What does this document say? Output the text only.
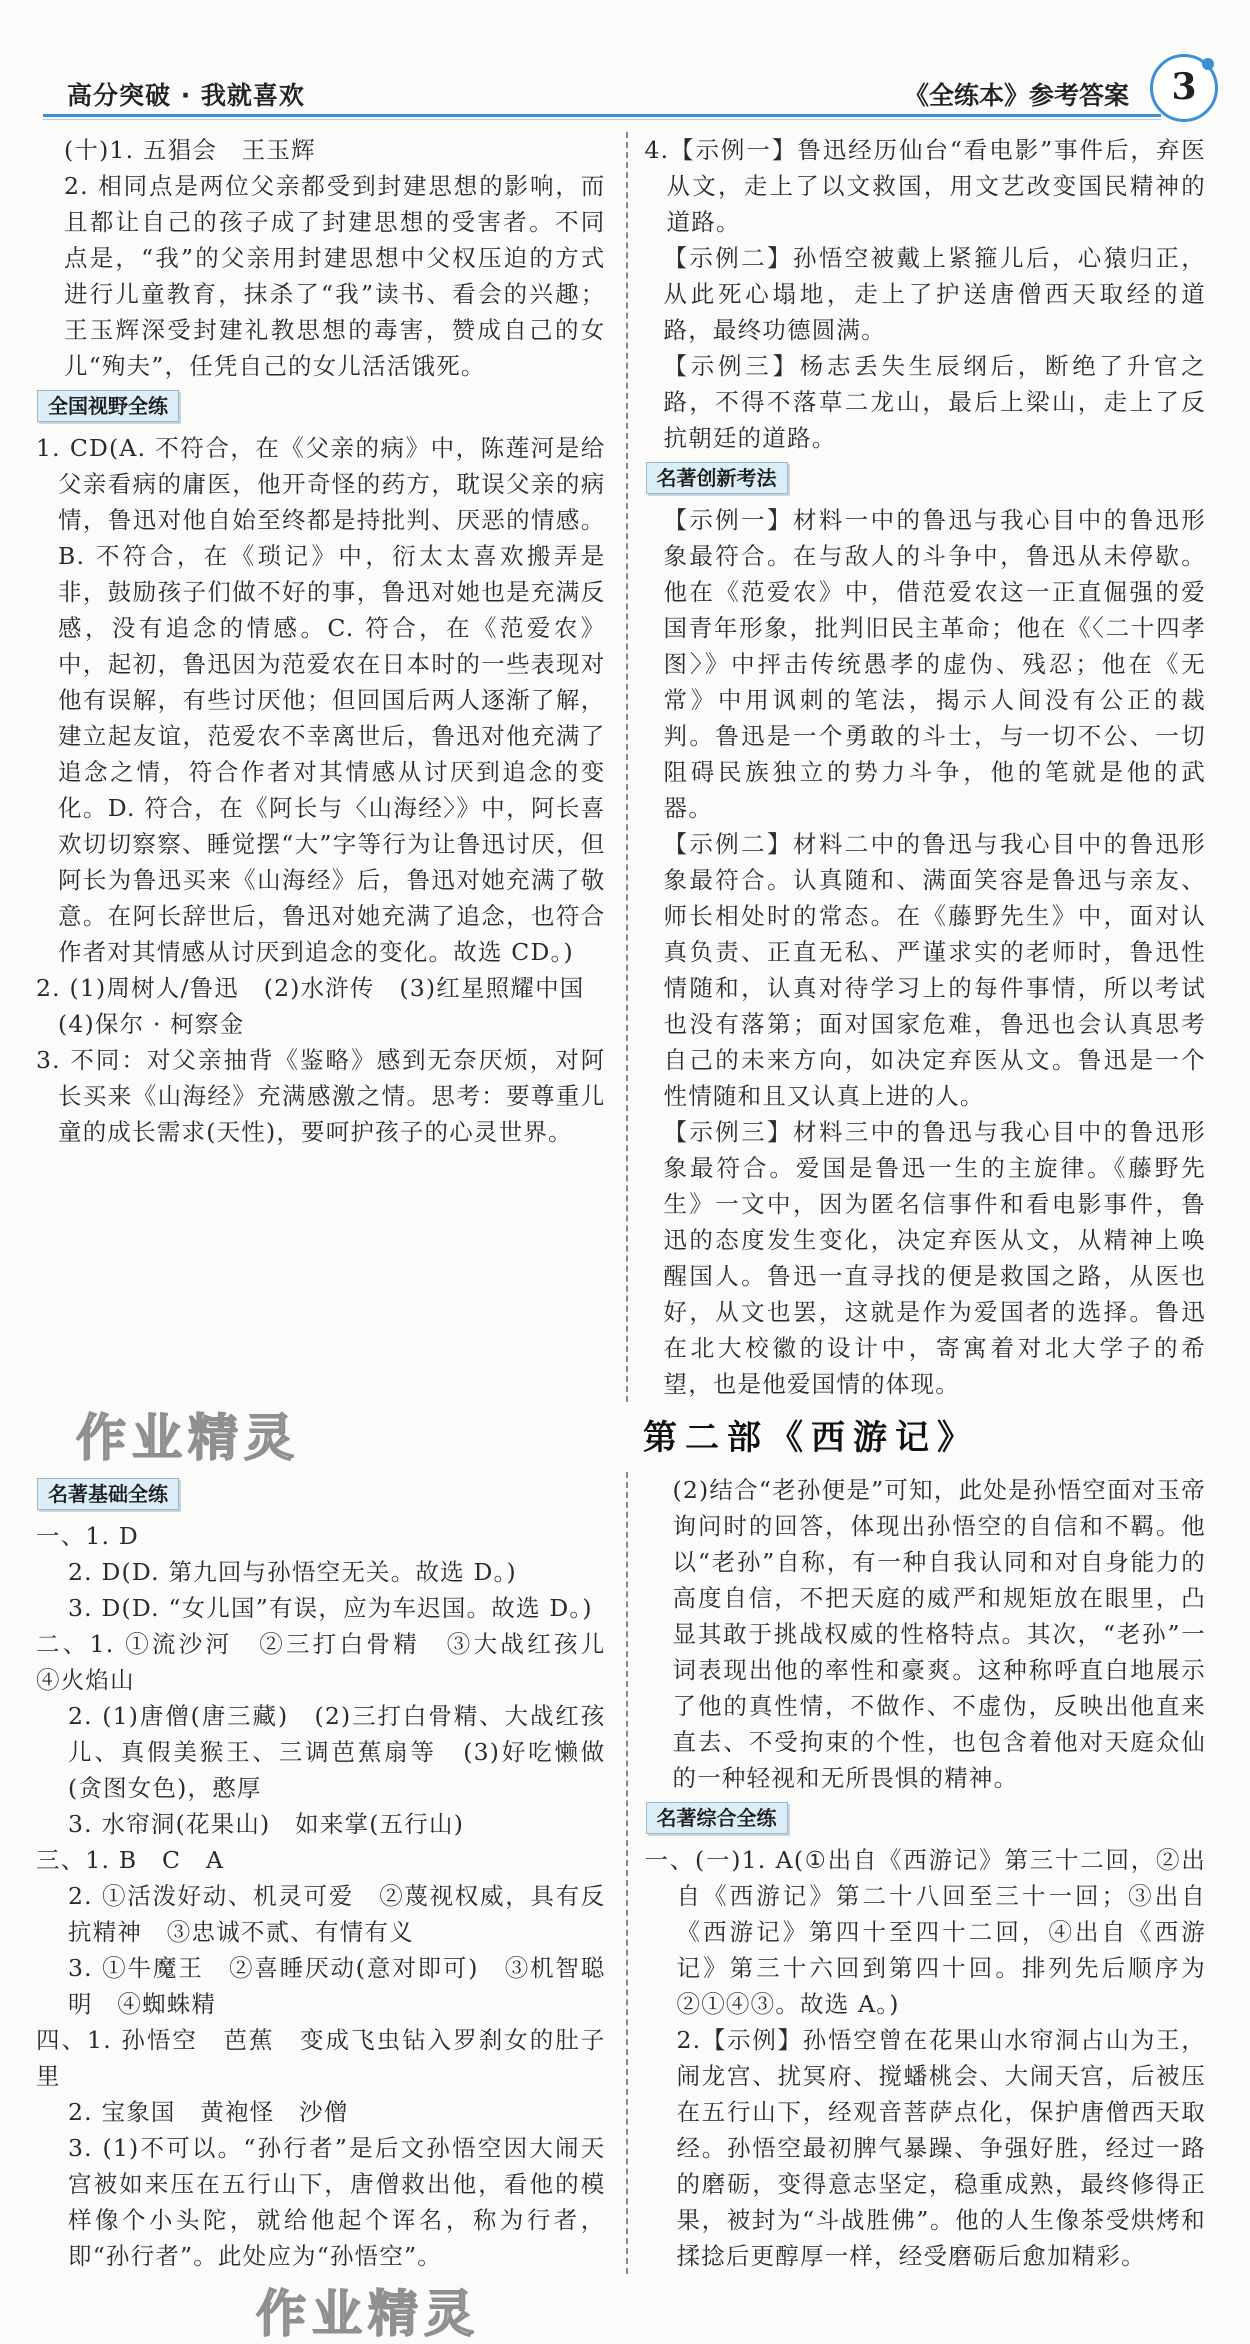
高分突破 · 我就喜欢	《全练本》参考答案	3

(十)1. 五猖会　王玉辉

2. 相同点是两位父亲都受到封建思想的影响，而且都让自己的孩子成了封建思想的受害者。不同点是，“我”的父亲用封建思想中父权压迫的方式进行儿童教育，抹杀了“我”读书、看会的兴趣；王玉辉深受封建礼教思想的毒害，赞成自己的女儿“殉夫”，任凭自己的女儿活活饿死。

全国视野全练

1. CD(A. 不符合，在《父亲的病》中，陈莲河是给父亲看病的庸医，他开奇怪的药方，耽误父亲的病情，鲁迅对他自始至终都是持批判、厌恶的情感。B. 不符合，在《琐记》中，衍太太喜欢搬弄是非，鼓励孩子们做不好的事，鲁迅对她也是充满反感，没有追念的情感。C. 符合，在《范爱农》中，起初，鲁迅因为范爱农在日本时的一些表现对他有误解，有些讨厌他；但回国后两人逐渐了解，建立起友谊，范爱农不幸离世后，鲁迅对他充满了追念之情，符合作者对其情感从讨厌到追念的变化。D. 符合，在《阿长与〈山海经〉》中，阿长喜欢切切察察、睡觉摆“大”字等行为让鲁迅讨厌，但阿长为鲁迅买来《山海经》后，鲁迅对她充满了敬意。在阿长辞世后，鲁迅对她充满了追念，也符合作者对其情感从讨厌到追念的变化。故选 CD。)

2. (1)周树人/鲁迅　(2)水浒传　(3)红星照耀中国

(4)保尔 · 柯察金

3. 不同：对父亲抽背《鉴略》感到无奈厌烦，对阿长买来《山海经》充满感激之情。思考：要尊重儿童的成长需求(天性)，要呵护孩子的心灵世界。

4.【示例一】鲁迅经历仙台“看电影”事件后，弃医从文，走上了以文救国，用文艺改变国民精神的道路。

【示例二】孙悟空被戴上紧箍儿后，心猿归正，从此死心塌地，走上了护送唐僧西天取经的道路，最终功德圆满。

【示例三】杨志丢失生辰纲后，断绝了升官之路，不得不落草二龙山，最后上梁山，走上了反抗朝廷的道路。

名著创新考法

【示例一】材料一中的鲁迅与我心目中的鲁迅形象最符合。在与敌人的斗争中，鲁迅从未停歇。他在《范爱农》中，借范爱农这一正直倔强的爱国青年形象，批判旧民主革命；他在《〈二十四孝图〉》中抨击传统愚孝的虚伪、残忍；他在《无常》中用讽刺的笔法，揭示人间没有公正的裁判。鲁迅是一个勇敢的斗士，与一切不公、一切阻碍民族独立的势力斗争，他的笔就是他的武器。

【示例二】材料二中的鲁迅与我心目中的鲁迅形象最符合。认真随和、满面笑容是鲁迅与亲友、师长相处时的常态。在《藤野先生》中，面对认真负责、正直无私、严谨求实的老师时，鲁迅性情随和，认真对待学习上的每件事情，所以考试也没有落第；面对国家危难，鲁迅也会认真思考自己的未来方向，如决定弃医从文。鲁迅是一个性情随和且又认真上进的人。

【示例三】材料三中的鲁迅与我心目中的鲁迅形象最符合。爱国是鲁迅一生的主旋律。《藤野先生》一文中，因为匿名信事件和看电影事件，鲁迅的态度发生变化，决定弃医从文，从精神上唤醒国人。鲁迅一直寻找的便是救国之路，从医也好，从文也罢，这就是作为爱国者的选择。鲁迅在北大校徽的设计中，寄寓着对北大学子的希望，也是他爱国情的体现。

作业精灵	第二部《西游记》
名著基础全练

一、1. D

2. D(D. 第九回与孙悟空无关。故选 D。)

3. D(D. “女儿国”有误，应为车迟国。故选 D。)

二、1. ①流沙河　②三打白骨精　③大战红孩儿　④火焰山

2. (1)唐僧(唐三藏)　(2)三打白骨精、大战红孩儿、真假美猴王、三调芭蕉扇等　(3)好吃懒做(贪图女色)，憨厚

3. 水帘洞(花果山)　如来掌(五行山)

三、1. B　C　A

2. ①活泼好动、机灵可爱　②蔑视权威，具有反抗精神　③忠诚不贰、有情有义

3. ①牛魔王　②喜睡厌动(意对即可)　③机智聪明　④蜘蛛精

四、1. 孙悟空　芭蕉　变成飞虫钻入罗刹女的肚子里

2. 宝象国　黄袍怪　沙僧

3. (1)不可以。“孙行者”是后文孙悟空因大闹天宫被如来压在五行山下，唐僧救出他，看他的模样像个小头陀，就给他起个诨名，称为行者，即“孙行者”。此处应为“孙悟空”。

(2)结合“老孙便是”可知，此处是孙悟空面对玉帝询问时的回答，体现出孙悟空的自信和不羁。他以“老孙”自称，有一种自我认同和对自身能力的高度自信，不把天庭的威严和规矩放在眼里，凸显其敢于挑战权威的性格特点。其次，“老孙”一词表现出他的率性和豪爽。这种称呼直白地展示了他的真性情，不做作、不虚伪，反映出他直来直去、不受拘束的个性，也包含着他对天庭众仙的一种轻视和无所畏惧的精神。

名著综合全练

一、(一)1. A(①出自《西游记》第三十二回，②出自《西游记》第二十八回至三十一回；③出自《西游记》第四十至四十二回，④出自《西游记》第三十六回到第四十回。排列先后顺序为②①④③。故选 A。)

2.【示例】孙悟空曾在花果山水帘洞占山为王，闹龙宫、扰冥府、搅蟠桃会、大闹天宫，后被压在五行山下，经观音菩萨点化，保护唐僧西天取经。孙悟空最初脾气暴躁、争强好胜，经过一路的磨砺，变得意志坚定，稳重成熟，最终修得正果，被封为“斗战胜佛”。他的人生像茶受烘烤和揉捻后更醇厚一样，经受磨砺后愈加精彩。

作业精灵
